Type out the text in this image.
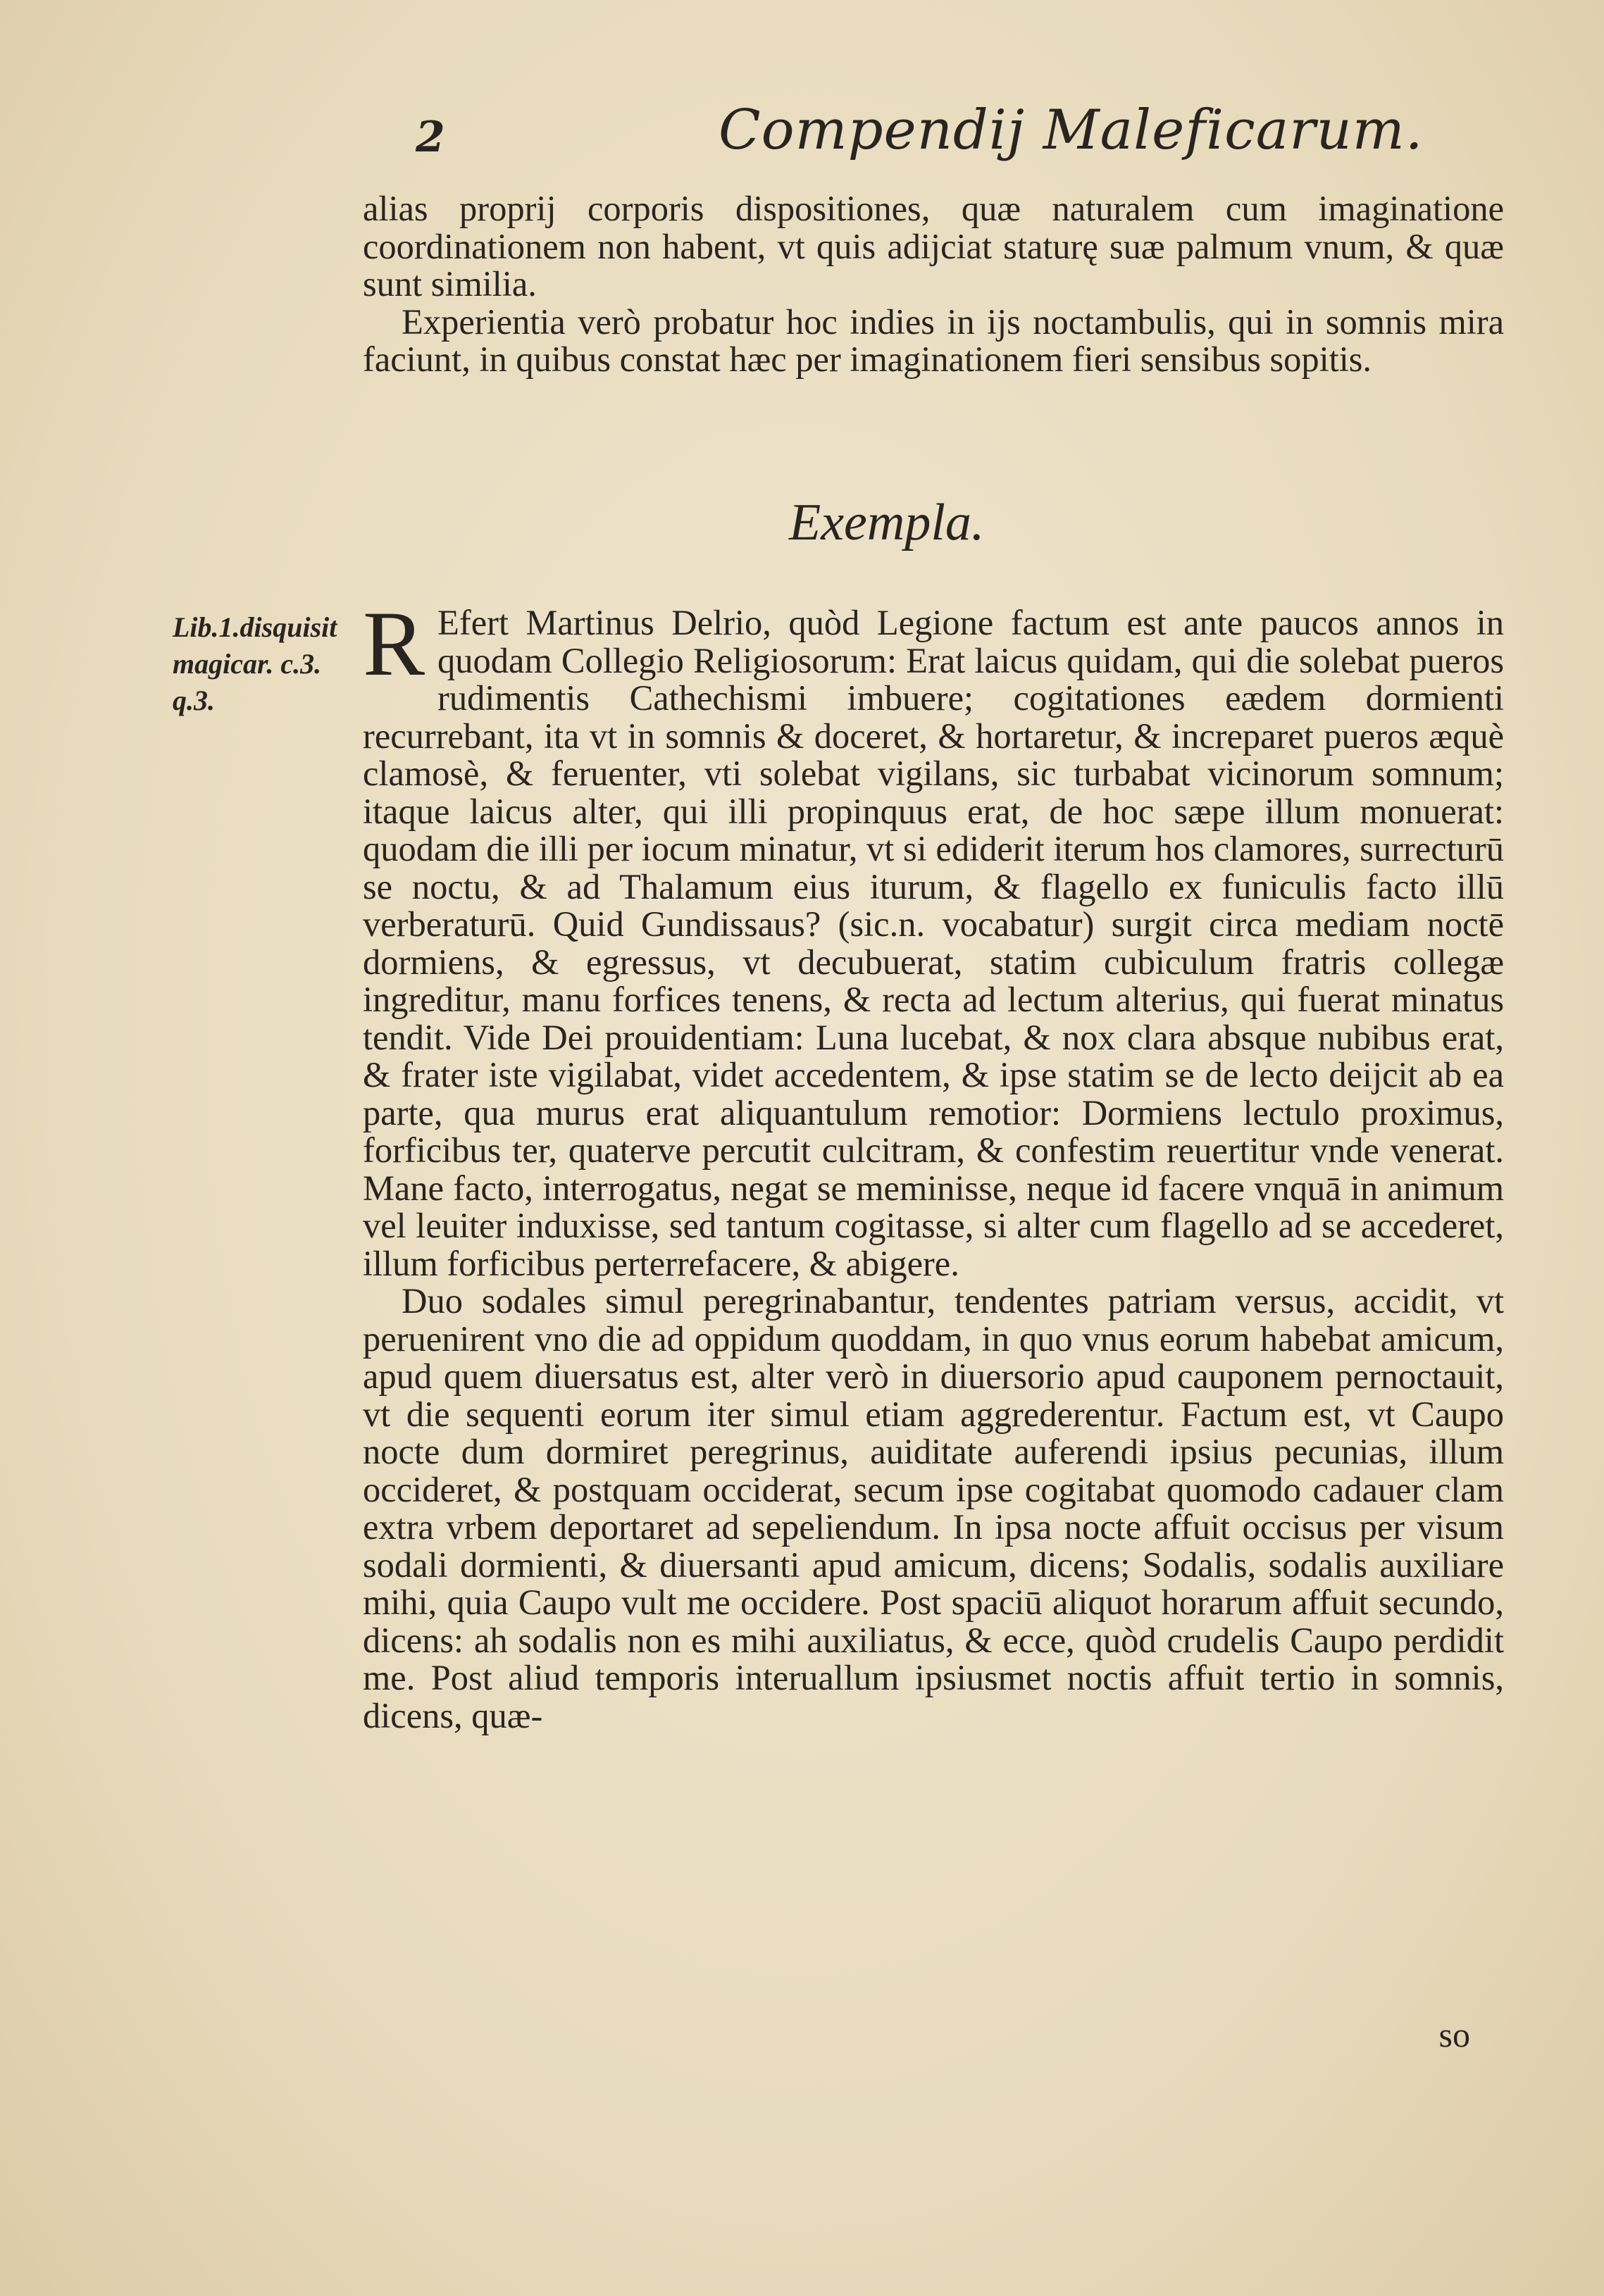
2	Compendij Maleficarum.

alias proprij corporis dispositiones, quæ naturalem cum imaginatione coordinationem non habent, vt quis adijciat staturę suæ palmum vnum, & quæ sunt similia.

Experientia verò probatur hoc indies in ijs noctambulis, qui in somnis mira faciunt, in quibus constat hæc per imaginationem fieri sensibus sopitis.

Exempla.
Lib.1.disquisit magicar. c.3. q.3.

R Efert Martinus Delrio, quòd Legione factum est ante paucos annos in quodam Collegio Religiosorum: Erat laicus quidam, qui die solebat pueros rudimentis Cathechismi imbuere; cogitationes eædem dormienti recurrebant, ita vt in somnis & doceret, & hortaretur, & increparet pueros æquè clamosè, & feruenter, vti solebat vigilans, sic turbabat vicinorum somnum; itaque laicus alter, qui illi propinquus erat, de hoc sæpe illum monuerat: quodam die illi per iocum minatur, vt si ediderit iterum hos clamores, surrecturū se noctu, & ad Thalamum eius iturum, & flagello ex funiculis facto illū verberaturū. Quid Gundissaus? (sic.n. vocabatur) surgit circa mediam noctē dormiens, & egressus, vt decubuerat, statim cubiculum fratris collegæ ingreditur, manu forfices tenens, & recta ad lectum alterius, qui fuerat minatus tendit. Vide Dei prouidentiam: Luna lucebat, & nox clara absque nubibus erat, & frater iste vigilabat, videt accedentem, & ipse statim se de lecto deijcit ab ea parte, qua murus erat aliquantulum remotior: Dormiens lectulo proximus, forficibus ter, quaterve percutit culcitram, & confestim reuertitur vnde venerat. Mane facto, interrogatus, negat se meminisse, neque id facere vnquā in animum vel leuiter induxisse, sed tantum cogitasse, si alter cum flagello ad se accederet, illum forficibus perterrefacere, & abigere.

Duo sodales simul peregrinabantur, tendentes patriam versus, accidit, vt peruenirent vno die ad oppidum quoddam, in quo vnus eorum habebat amicum, apud quem diuersatus est, alter verò in diuersorio apud cauponem pernoctauit, vt die sequenti eorum iter simul etiam aggrederentur. Factum est, vt Caupo nocte dum dormiret peregrinus, auiditate auferendi ipsius pecunias, illum occideret, & postquam occiderat, secum ipse cogitabat quomodo cadauer clam extra vrbem deportaret ad sepeliendum. In ipsa nocte affuit occisus per visum sodali dormienti, & diuersanti apud amicum, dicens; Sodalis, sodalis auxiliare mihi, quia Caupo vult me occidere. Post spaciū aliquot horarum affuit secundo, dicens: ah sodalis non es mihi auxiliatus, & ecce, quòd crudelis Caupo perdidit me. Post aliud temporis interuallum ipsiusmet noctis affuit tertio in somnis, dicens, quæ-

so
